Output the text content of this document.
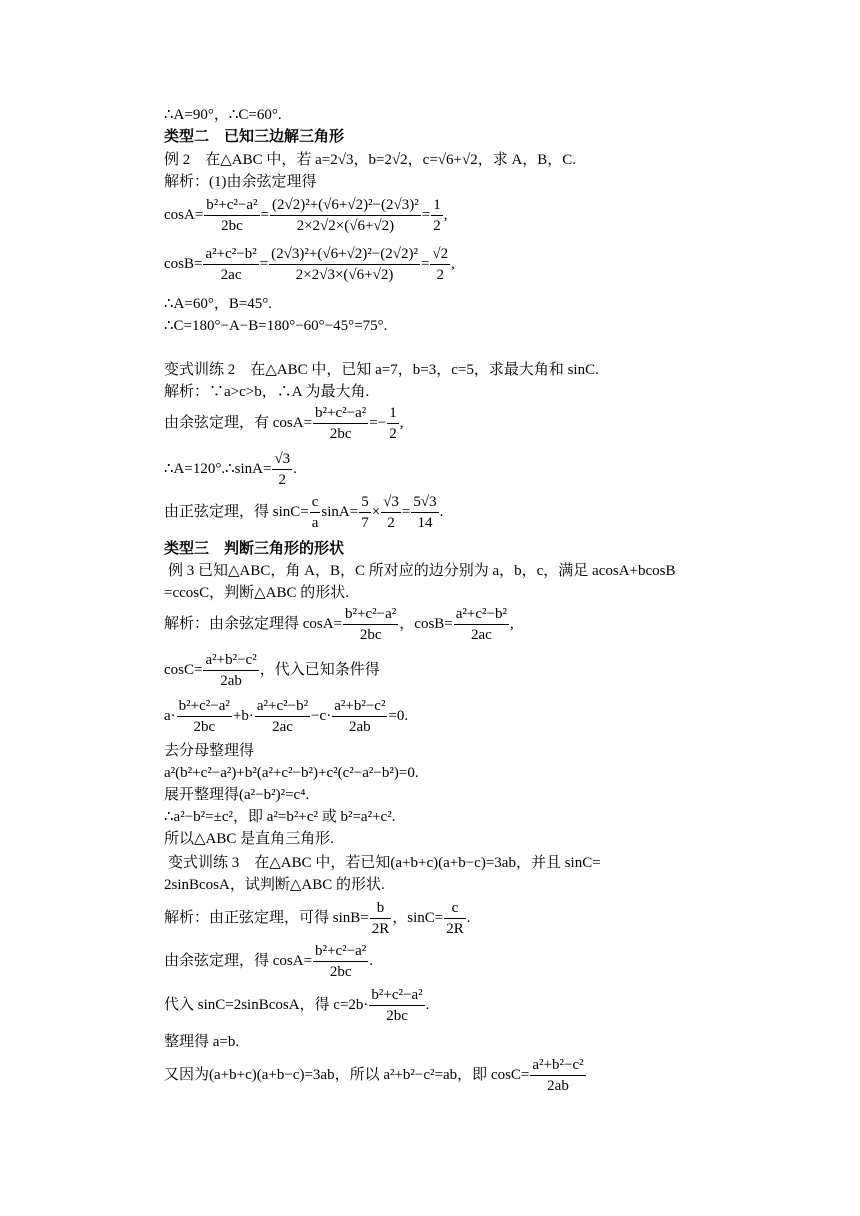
∴A=90°，∴C=60°.
类型二　已知三边解三角形
例 2　在△ABC 中，若 a=2√3，b=2√2，c=√6+√2，求 A，B，C.
解析：(1)由余弦定理得
$\cos A= \frac{\text{b²+c²−a²}}{2bc} = \frac{\text{(2√2)²+(√6+√2)²−(2√3)²}}{2\times 2√2\times(√6+√2)} = \frac{1}{2}$ ,
$\cos B= \frac{\text{a²+c²−b²}}{2ac} = \frac{\text{(2√3)²+(√6+√2)²−(2√2)²}}{2\times 2√3\times(√6+√2)} = \frac{√2}{2}$ ,
∴A=60°，B=45°.
∴C=180°−A−B=180°−60°−45°=75°.
变式训练 2　在△ABC 中，已知 a=7，b=3，c=5，求最大角和 sinC.
解析：∵a>c>b，∴A 为最大角.
由余弦定理，有 $\cos A= \frac{\text{b²+c²−a²}}{2bc} =- \frac{1}{2}$ ,
∴A=120°.∴sinA= $\frac{√3}{2}$ .
由正弦定理，得 $\sin C= \frac{c}{a} \sin A= \frac{5}{7} \times \frac{√3}{2} = \frac{5√3}{14}$ .
类型三　判断三角形的形状
例 3 已知△ABC，角 A，B，C 所对应的边分别为 a，b，c，满足 acosA+bcosB
=ccosC，判断△ABC 的形状.
解析：由余弦定理得 $\cos A= \frac{\text{b²+c²−a²}}{2bc}$ ，$\cos B= \frac{\text{a²+c²−b²}}{2ac}$ ,
$\cos C= \frac{\text{a²+b²−c²}}{2ab}$ ，代入已知条件得
$a\cdot \frac{\text{b²+c²−a²}}{2bc} +b\cdot \frac{\text{a²+c²−b²}}{2ac} -c\cdot \frac{\text{a²+b²−c²}}{2ab} =0$.
去分母整理得
a²(b²+c²−a²)+b²(a²+c²−b²)+c²(c²−a²−b²)=0.
展开整理得(a²−b²)²=c⁴.
∴a²−b²=±c²，即 a²=b²+c² 或 b²=a²+c².
所以△ABC 是直角三角形.
变式训练 3　在△ABC 中，若已知(a+b+c)(a+b−c)=3ab，并且 sinC=
2sinBcosA，试判断△ABC 的形状.
解析：由正弦定理，可得 $\sin B= \frac{b}{2R}$ ，$\sin C= \frac{c}{2R}$ .
由余弦定理，得 $\cos A= \frac{\text{b²+c²−a²}}{2bc}$ .
代入 sinC=2sinBcosA，得 $c=2b\cdot \frac{\text{b²+c²−a²}}{2bc}$ .
整理得 a=b.
又因为(a+b+c)(a+b−c)=3ab，所以 a²+b²−c²=ab，即 $\cos C= \frac{\text{a²+b²−c²}}{2ab}$
